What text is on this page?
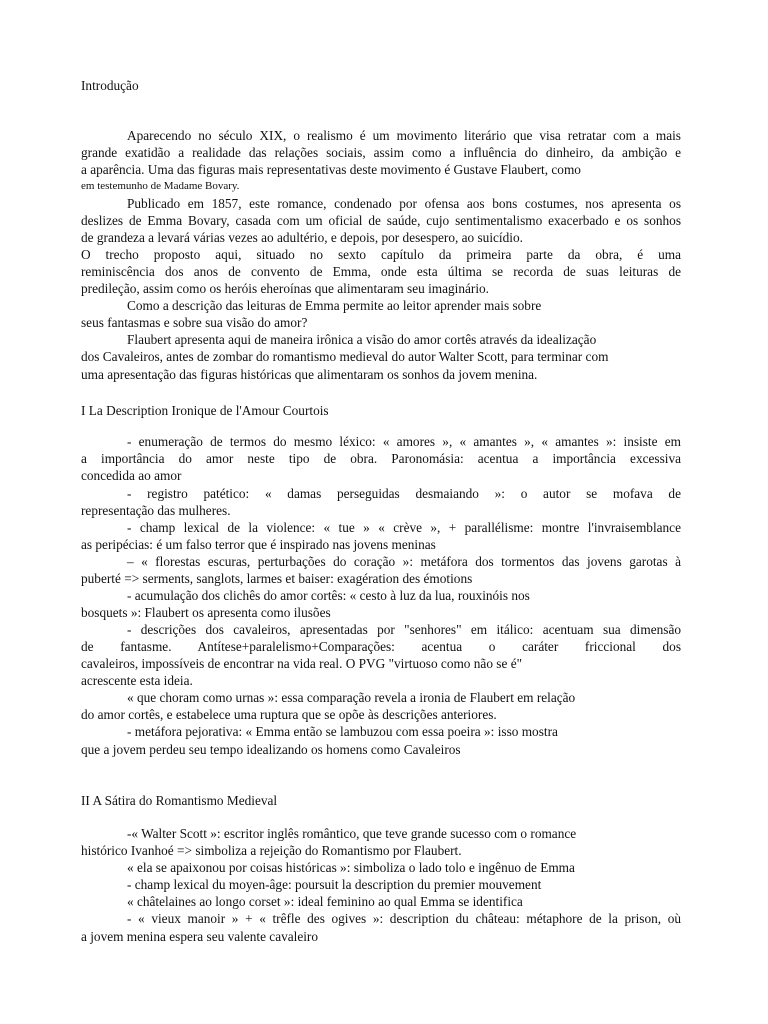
Introdução
Aparecendo no século XIX, o realismo é um movimento literário que visa retratar com a mais
grande exatidão a realidade das relações sociais, assim como a influência do dinheiro, da ambição e
a aparência. Uma das figuras mais representativas deste movimento é Gustave Flaubert, como
em testemunho de Madame Bovary.
Publicado em 1857, este romance, condenado por ofensa aos bons costumes, nos apresenta os
deslizes de Emma Bovary, casada com um oficial de saúde, cujo sentimentalismo exacerbado e os sonhos
de grandeza a levará várias vezes ao adultério, e depois, por desespero, ao suicídio.
O trecho proposto aqui, situado no sexto capítulo da primeira parte da obra, é uma
reminiscência dos anos de convento de Emma, onde esta última se recorda de suas leituras de
predileção, assim como os heróis eheroínas que alimentaram seu imaginário.
Como a descrição das leituras de Emma permite ao leitor aprender mais sobre
seus fantasmas e sobre sua visão do amor?
Flaubert apresenta aqui de maneira irônica a visão do amor cortês através da idealização
dos Cavaleiros, antes de zombar do romantismo medieval do autor Walter Scott, para terminar com
uma apresentação das figuras históricas que alimentaram os sonhos da jovem menina.
I La Description Ironique de l'Amour Courtois
- enumeração de termos do mesmo léxico: « amores », « amantes », « amantes »: insiste em
a importância do amor neste tipo de obra. Paronomásia: acentua a importância excessiva
concedida ao amor
- registro patético: « damas perseguidas desmaiando »: o autor se mofava de
representação das mulheres.
- champ lexical de la violence: « tue » « crève », + parallélisme: montre l'invraisemblance
as peripécias: é um falso terror que é inspirado nas jovens meninas
– « florestas escuras, perturbações do coração »: metáfora dos tormentos das jovens garotas à
puberté => serments, sanglots, larmes et baiser: exagération des émotions
- acumulação dos clichês do amor cortês: « cesto à luz da lua, rouxinóis nos
bosquets »: Flaubert os apresenta como ilusões
- descrições dos cavaleiros, apresentadas por "senhores" em itálico: acentuam sua dimensão
de fantasme. Antítese+paralelismo+Comparações: acentua o caráter friccional dos
cavaleiros, impossíveis de encontrar na vida real. O PVG "virtuoso como não se é"
acrescente esta ideia.
« que choram como urnas »: essa comparação revela a ironia de Flaubert em relação
do amor cortês, e estabelece uma ruptura que se opõe às descrições anteriores.
- metáfora pejorativa: « Emma então se lambuzou com essa poeira »: isso mostra
que a jovem perdeu seu tempo idealizando os homens como Cavaleiros
II A Sátira do Romantismo Medieval
-« Walter Scott »: escritor inglês romântico, que teve grande sucesso com o romance
histórico Ivanhoé => simboliza a rejeição do Romantismo por Flaubert.
« ela se apaixonou por coisas históricas »: simboliza o lado tolo e ingênuo de Emma
- champ lexical du moyen-âge: poursuit la description du premier mouvement
« châtelaines ao longo corset »: ideal feminino ao qual Emma se identifica
- « vieux manoir » + « trêfle des ogives »: description du château: métaphore de la prison, où
a jovem menina espera seu valente cavaleiro
